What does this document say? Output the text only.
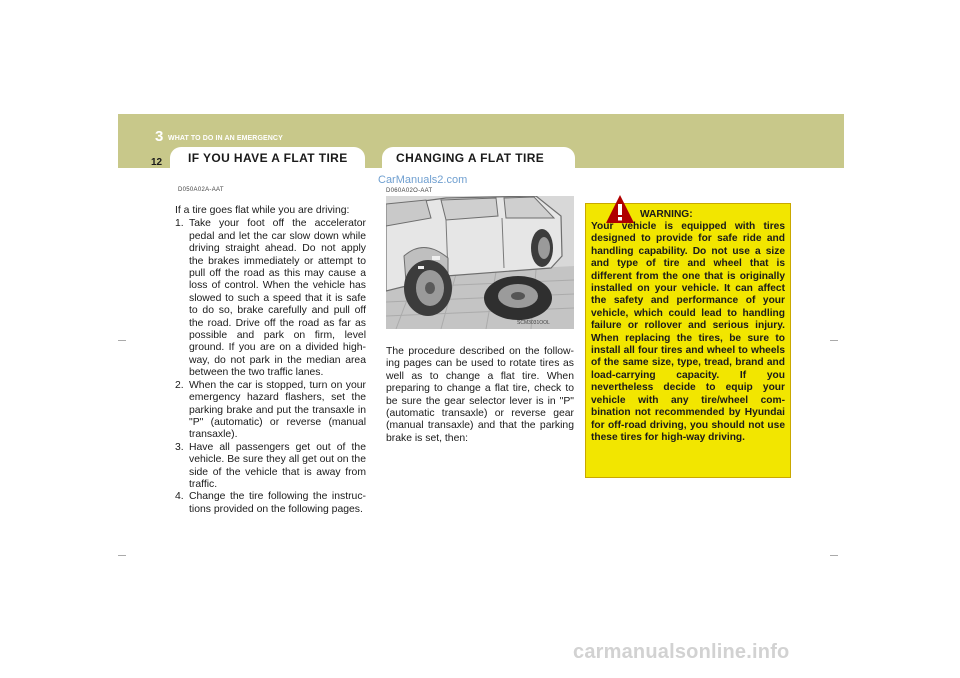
3 WHAT TO DO IN AN EMERGENCY
12 IF YOU HAVE A FLAT TIRE	CHANGING A FLAT TIRE
D050A02A-AAT

If a tire goes flat while you are driving:

1. Take your foot off the accelerator pedal and let the car slow down while driving straight ahead. Do not apply the brakes immediately or attempt to pull off the road as this may cause a loss of control. When the vehicle has slowed to such a speed that it is safe to do so, brake carefully and pull off the road. Drive off the road as far as possible and park on firm, level ground. If you are on a divided high-way, do not park in the median area between the two traffic lanes.
2. When the car is stopped, turn on your emergency hazard flashers, set the parking brake and put the transaxle in "P" (automatic) or reverse (manual transaxle).
3. Have all passengers get out of the vehicle. Be sure they all get out on the side of the vehicle that is away from traffic.
4. Change the tire following the instruc-tions provided on the following pages.
CarManuals2.com
D060A02O-AAT
SCM3031OOL

The procedure described on the follow-ing pages can be used to rotate tires as well as to change a flat tire. When preparing to change a flat tire, check to be sure the gear selector lever is in "P" (automatic transaxle) or reverse gear (manual transaxle) and that the parking brake is set, then:

WARNING:

Your vehicle is equipped with tires designed to provide for safe ride and handling capability. Do not use a size and type of tire and wheel that is different from the one that is originally installed on your vehicle. It can affect the safety and performance of your vehicle, which could lead to handling failure or rollover and serious injury. When replacing the tires, be sure to install all four tires and wheel to wheels of the same size, type, tread, brand and load-carrying capacity. If you nevertheless decide to equip your vehicle with any tire/wheel com-bination not recommended by Hyundai for off-road driving, you should not use these tires for high-way driving.

carmanualsonline.info
